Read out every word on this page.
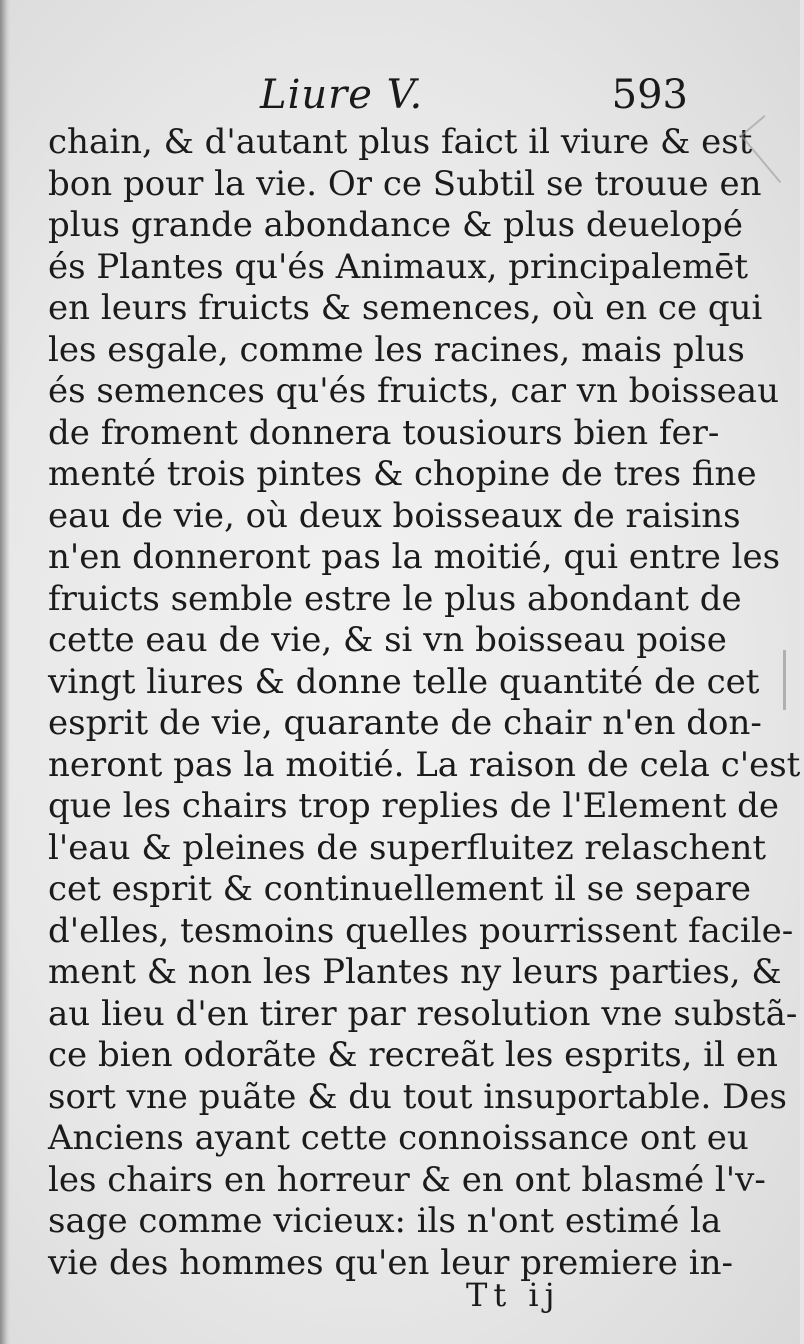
Liure V.	593
chain, & d'autant plus faict il viure & est
bon pour la vie. Or ce Subtil se trouue en
plus grande abondance & plus deuelopé
és Plantes qu'és Animaux, principalemēt
en leurs fruicts & semences, où en ce qui
les esgale, comme les racines, mais plus
és semences qu'és fruicts, car vn boisseau
de froment donnera tousiours bien fer-
menté trois pintes & chopine de tres fine
eau de vie, où deux boisseaux de raisins
n'en donneront pas la moitié, qui entre les
fruicts semble estre le plus abondant de
cette eau de vie, & si vn boisseau poise
vingt liures & donne telle quantité de cet
esprit de vie, quarante de chair n'en don-
neront pas la moitié. La raison de cela c'est
que les chairs trop replies de l'Element de
l'eau & pleines de superfluitez relaschent
cet esprit & continuellement il se separe
d'elles, tesmoins quelles pourrissent facile-
ment & non les Plantes ny leurs parties, &
au lieu d'en tirer par resolution vne substã-
ce bien odorãte & recreãt les esprits, il en
sort vne puãte & du tout insuportable. Des
Anciens ayant cette connoissance ont eu
les chairs en horreur & en ont blasmé l'v-
sage comme vicieux: ils n'ont estimé la
vie des hommes qu'en leur premiere in-
Tt ij
